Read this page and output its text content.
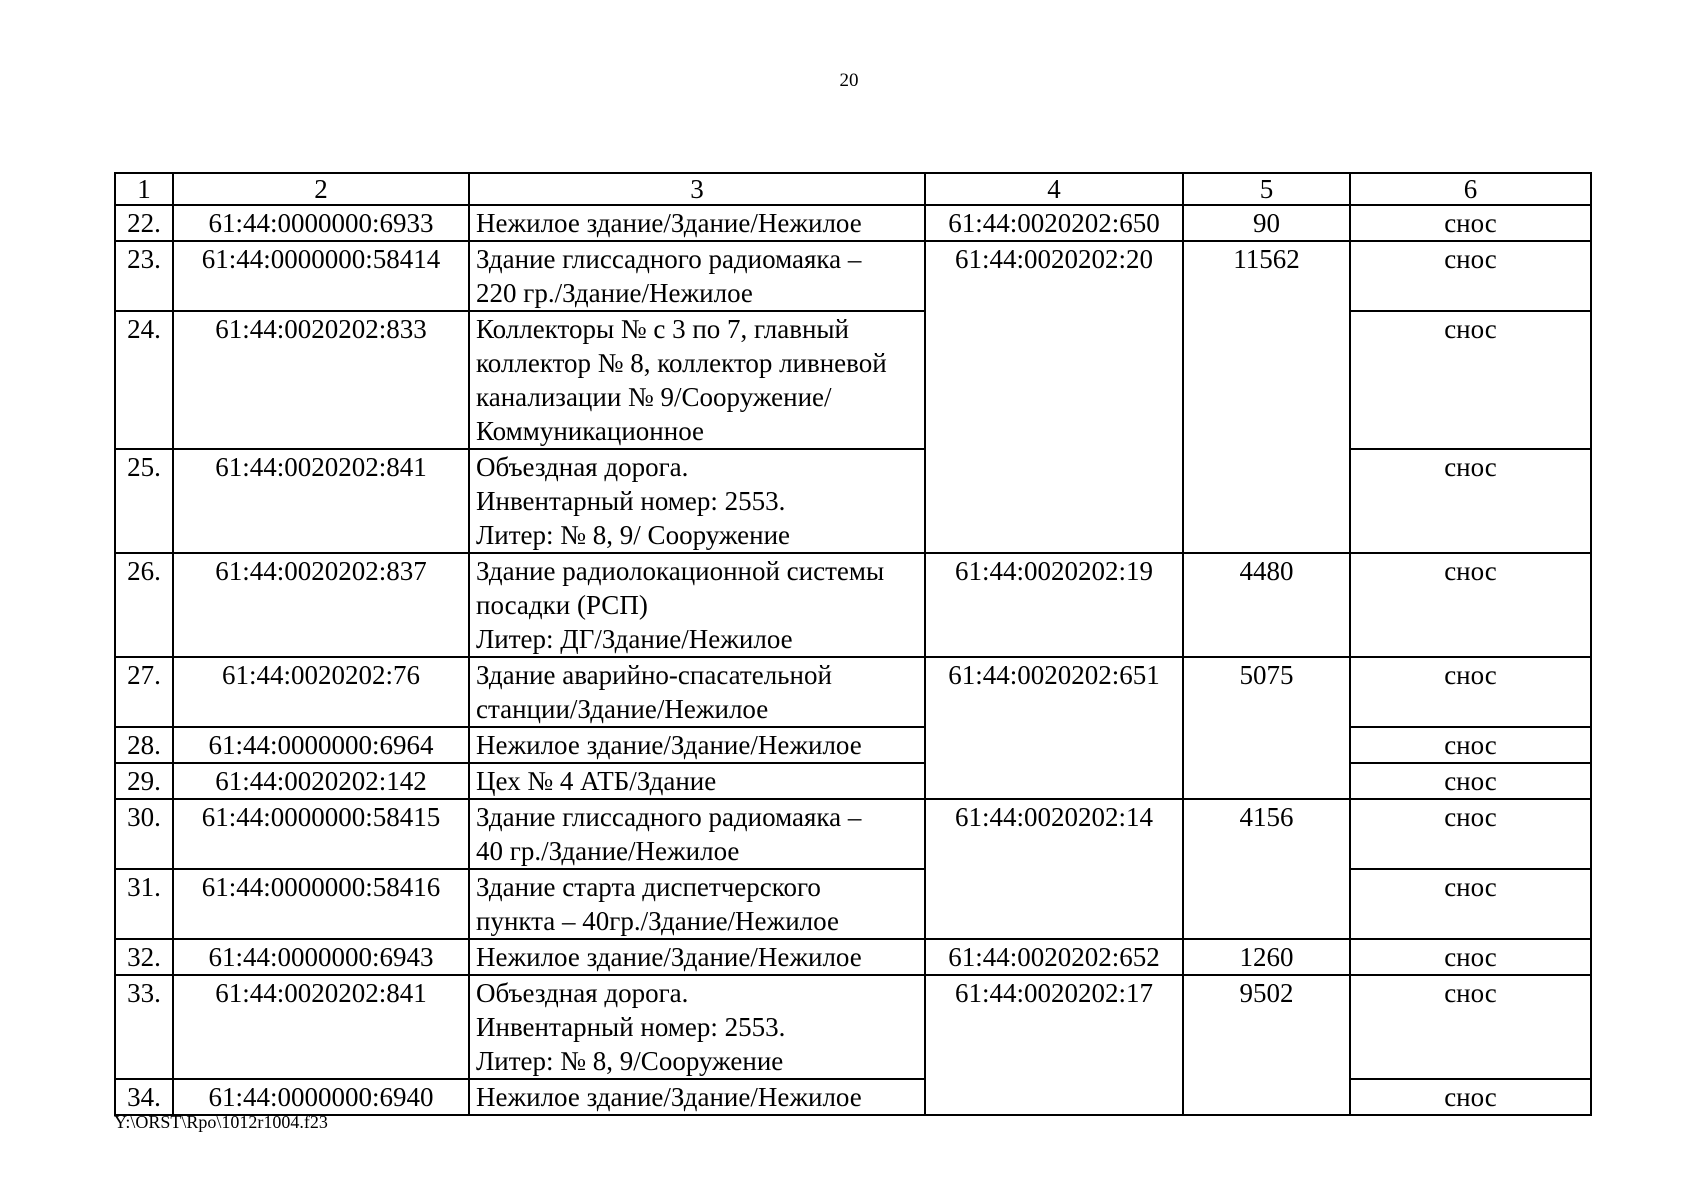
20
1	2	3	4	5	6
22.	61:44:0000000:6933	Нежилое здание/Здание/Нежилое	61:44:0020202:650	90	снос
23.	61:44:0000000:58414	Здание глиссадного радиомаяка –
220 гр./Здание/Нежилое	61:44:0020202:20	11562	снос
24.	61:44:0020202:833	Коллекторы № с 3 по 7, главный
коллектор № 8, коллектор ливневой
канализации № 9/Сооружение/
Коммуникационное			снос
25.	61:44:0020202:841	Объездная дорога.
Инвентарный номер: 2553.
Литер: № 8, 9/ Сооружение			снос
26.	61:44:0020202:837	Здание радиолокационной системы
посадки (РСП)
Литер: ДГ/Здание/Нежилое	61:44:0020202:19	4480	снос
27.	61:44:0020202:76	Здание аварийно-спасательной
станции/Здание/Нежилое	61:44:0020202:651	5075	снос
28.	61:44:0000000:6964	Нежилое здание/Здание/Нежилое			снос
29.	61:44:0020202:142	Цех № 4 АТБ/Здание			снос
30.	61:44:0000000:58415	Здание глиссадного радиомаяка –
40 гр./Здание/Нежилое	61:44:0020202:14	4156	снос
31.	61:44:0000000:58416	Здание старта диспетчерского
пункта – 40гр./Здание/Нежилое			снос
32.	61:44:0000000:6943	Нежилое здание/Здание/Нежилое	61:44:0020202:652	1260	снос
33.	61:44:0020202:841	Объездная дорога.
Инвентарный номер: 2553.
Литер: № 8, 9/Сооружение	61:44:0020202:17	9502	снос
34.	61:44:0000000:6940	Нежилое здание/Здание/Нежилое			снос
Y:\ORST\Rpo\1012r1004.f23
